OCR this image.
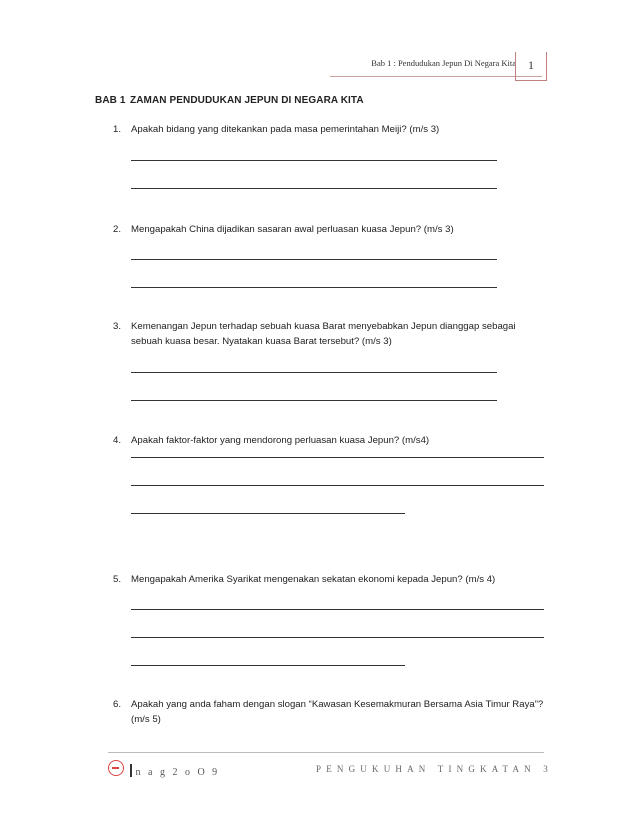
Bab 1 : Pendudukan Jepun Di Negara Kita	1
BAB 1 ZAMAN PENDUDUKAN JEPUN DI NEGARA KITA
1.	Apakah bidang yang ditekankan pada masa pemerintahan Meiji? (m/s 3)
2.	Mengapakah China dijadikan sasaran awal perluasan kuasa Jepun? (m/s 3)
3.	Kemenangan Jepun terhadap sebuah kuasa Barat menyebabkan Jepun dianggap sebagai sebuah kuasa besar. Nyatakan kuasa Barat tersebut? (m/s 3)
4.	Apakah faktor-faktor yang mendorong perluasan kuasa Jepun? (m/s4)
5.	Mengapakah Amerika Syarikat mengenakan sekatan ekonomi kepada Jepun? (m/s 4)
6.	Apakah yang anda faham dengan slogan “Kawasan Kesemakmuran Bersama Asia Timur Raya”? (m/s 5)
n a g 2 o O 9	PENGUKUHAN TINGKATAN 3
